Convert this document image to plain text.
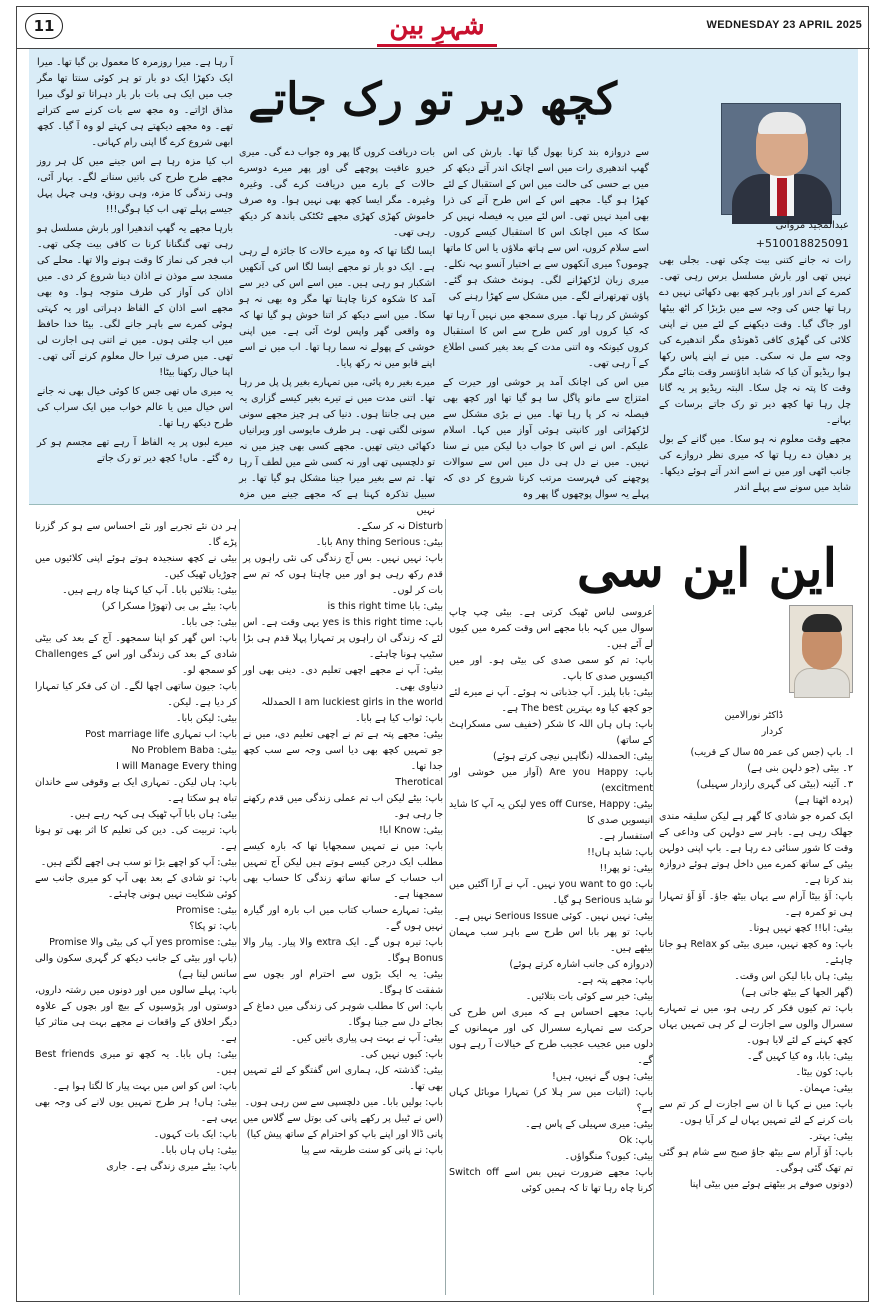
11	شہرِ بین	WEDNESDAY 23 APRIL 2025
کچھ دیر تو رک جاتے
عبدالمجید مروانی
+510018825091

رات نہ جانے کتنی بیت چکی تھی۔ بجلی بھی نہیں تھی اور بارش مسلسل برس رہی تھی۔ کمرے کے اندر اور باہر کچھ بھی دکھائی نہیں دے رہا تھا جس کی وجہ سے میں بڑبڑا کر اٹھ بیٹھا اور جاگ گیا۔ وقت دیکھنے کے لئے میں نے اپنی کلائی کی گھڑی کافی ڈھونڈی مگر اندھیرے کی وجہ سے مل نہ سکی۔ میں نے اپنے پاس رکھا ہوا ریڈیو آن کیا کہ شاید اناؤنسر وقت بتائے مگر وقت کا پتہ نہ چل سکا۔ البتہ ریڈیو پر یہ گانا چل رہا تھا کچھ دیر تو رک جاتے برسات کے بہانے۔

مجھے وقت معلوم نہ ہو سکا۔ میں گانے کے بول پر دھیان دے رہا تھا کہ میری نظر دروازے کی جانب اٹھی اور میں نے اسے اندر آتے ہوئے دیکھا۔ شاید میں سونے سے پہلے اندر

سے دروازہ بند کرنا بھول گیا تھا۔ بارش کی اس گھپ اندھیری رات میں اسے اچانک اندر آتے دیکھ کر میں بے حسی کی حالت میں اس کے استقبال کے لئے کھڑا ہو گیا۔ مجھے اس کے اس طرح آنے کی ذرا بھی امید نہیں تھی۔ اس لئے میں یہ فیصلہ نہیں کر سکا کہ میں اچانک اس کا استقبال کیسے کروں۔ اسے سلام کروں، اس سے ہاتھ ملاؤں یا اس کا ماتھا چوموں؟ میری آنکھوں سے بے اختیار آنسو بہہ نکلے۔ میری زبان لڑکھڑانے لگی۔ ہونٹ خشک ہو گئے۔ پاؤں تھرتھرانے لگے۔ میں مشکل سے کھڑا رہنے کی

کوشش کر رہا تھا۔ میری سمجھ میں نہیں آ رہا تھا کہ کیا کروں اور کس طرح سے اس کا استقبال کروں کیونکہ وہ اتنی مدت کے بعد بغیر کسی اطلاع کے آ رہی تھی۔

میں اس کی اچانک آمد پر خوشی اور حیرت کے امتزاج سے مانو پاگل سا ہو گیا تھا اور کچھ بھی فیصلہ نہ کر پا رہا تھا۔ میں نے بڑی مشکل سے لڑکھڑاتی اور کانپتی ہوئی آواز میں کہا۔ اسلام علیکم۔ اس نے اس کا جواب دیا لیکن میں نے سنا نہیں۔ میں نے دل ہی دل میں اس سے سوالات پوچھنے کی فہرست مرتب کرنا شروع کر دی کہ پہلے یہ سوال پوچھوں گا پھر وہ

بات دریافت کروں گا پھر وہ جواب دے گی۔ میری خیرو عافیت پوچھے گی اور پھر میرے دوسرے حالات کے بارے میں دریافت کرے گی۔ وغیرہ وغیرہ۔ مگر ایسا کچھ بھی نہیں ہوا۔ وہ صرف خاموش کھڑی کھڑی مجھے ٹکٹکی باندھ کر دیکھ رہی تھی۔

ایسا لگتا تھا کہ وہ میرے حالات کا جائزہ لے رہی ہے۔ ایک دو بار تو مجھے ایسا لگا اس کی آنکھیں اشکبار ہو رہی ہیں۔ میں اسے اس کی دیر سے آمد کا شکوہ کرنا چاہتا تھا مگر وہ بھی نہ ہو سکا۔ میں اسے دیکھ کر اتنا خوش ہو گیا تھا کہ وہ واقعی گھر واپس لوٹ آئی ہے۔ میں اپنی خوشی کے پھولے نہ سما رہا تھا۔ اب میں نے اسے اپنے قابو میں نہ رکھ پایا۔

میرے بغیر رہ پائی، میں تمہارے بغیر پل پل مر رہا تھا۔ اتنی مدت میں نے تیرے بغیر کیسے گزاری یہ میں ہی جانتا ہوں۔ دنیا کی ہر چیز مجھے سونی سونی لگتی تھی۔ ہر طرف مایوسی اور ویرانیاں دکھائی دیتی تھیں۔ مجھے کسی بھی چیز میں نہ تو دلچسپی تھی اور نہ کسی شے میں لطف آ رہا تھا۔ تم سے بغیر میرا جینا مشکل ہو گیا تھا۔ بر سبیل تذکرہ کہنا ہے کہ مجھے جینے میں مزہ نہیں

آ رہا ہے۔ میرا روزمرہ کا معمول بن گیا تھا۔ میرا ایک دکھڑا ایک دو بار تو ہر کوئی سنتا تھا مگر جب میں ایک ہی بات بار بار دہراتا تو لوگ میرا مذاق اڑاتے۔ وہ مجھ سے بات کرنے سے کتراتے تھے۔ وہ مجھے دیکھتے ہی کہتے لو وہ آ گیا۔ کچھ ابھی شروع کرے گا اپنی رام کہانی۔

اب کیا مزہ رہا ہے اس جینے میں کل ہر روز مجھے طرح طرح کی باتیں سنانے لگے۔ بہار آئی، وہی زندگی کا مزہ، وہی رونق، وہی چہل پہل جیسے پہلے تھی اب کیا ہوگی!!!

بارہا مجھے یہ گھپ اندھیرا اور بارش مسلسل ہو رہی تھی گنگنانا کرنا ت کافی بیت چکی تھی۔ اب فجر کی نماز کا وقت ہونے والا تھا۔ محلے کی مسجد سے موذن نے اذان دینا شروع کر دی۔ میں اذان کی آواز کی طرف متوجہ ہوا۔ وہ بھی مجھے اسے اذان کے الفاظ دہراتی اور یہ کہتی ہوئی کمرے سے باہر جانے لگی۔ بیٹا خدا حافظ میں اب چلتی ہوں۔ میں نے اتنی ہی اجازت لی تھی۔ میں صرف تیرا حال معلوم کرنے آئی تھی۔ اپنا خیال رکھنا بیٹا!

یہ میری ماں تھی جس کا کوئی خیال بھی نہ جانے اس خیال میں یا عالم خواب میں ایک سراب کی طرح دیکھ رہا تھا۔

میرے لبوں پر یہ الفاظ آ رہے تھے مجسم ہو کر رہ گئے۔ ماں! کچھ دیر تو رک جاتے

این این سی
ڈاکٹر نورالامین
کردار
ا۔ باپ (جس کی عمر ۵۵ سال کے قریب)
۲۔ بیٹی (جو دلہن بنی ہے)
۳۔ آئینہ (بیٹی کی گہری رازدار سہیلی)
(پردہ اٹھتا ہے)
ایک کمرہ جو شادی کا گھر ہے لیکن سلیقہ مندی جھلک رہی ہے۔ باہر سے دولہن کی وداعی کے وقت کا شور سنائی دے رہا ہے۔ باپ اپنی دولہن بیٹی کے ساتھ کمرے میں داخل ہوتے ہوئے دروازہ بند کرتا ہے۔
باپ: آؤ بیٹا آرام سے یہاں بیٹھ جاؤ۔ آؤ آؤ تمہارا ہی تو کمرہ ہے۔
بیٹی: ابا!! کچھ نہیں ہوتا۔
باپ: وہ کچھ نہیں، میری بیٹی کو Relax ہو جانا چاہئے۔
بیٹی: ہاں بابا لیکن اس وقت۔
(گھر الجھا کے بیٹھ جاتی ہے)
باپ: تم کیوں فکر کر رہی ہو، میں نے تمہارے سسرال والوں سے اجازت لے کر ہی تمہیں یہاں کچھ کہنے کے لئے لایا ہوں۔
بیٹی: بابا، وہ کیا کہیں گے۔
باپ: کون بیٹا۔
بیٹی: مہمان۔
باپ: میں نے کہا نا ان سے اجازت لے کر تم سے بات کرنے کے لئے تمہیں یہاں لے کر آیا ہوں۔
بیٹی: بہتر۔
باپ: آؤ آرام سے بیٹھ جاؤ صبح سے شام ہو گئی تم تھک گئی ہوگی۔
(دونوں صوفے پر بیٹھتے ہوئے میں بیٹی اپنا
عروسی لباس ٹھیک کرتی ہے۔ بیٹی چپ چاپ سوال میں کہہ بابا مجھے اس وقت کمرہ میں کیوں لے آئے ہیں۔
باپ: تم کو سمی صدی کی بیٹی ہو۔ اور میں اکیسویں صدی کا باپ۔
بیٹی: بابا پلیز۔ آپ جذباتی نہ ہوئے۔ آپ نے میرے لئے جو کچھ کیا وہ بہترین The best ہے۔
باپ: ہاں ہاں اللہ کا شکر (خفیف سی مسکراہٹ کے ساتھ)
بیٹی: الحمدللہ (نگاہیں نیچی کرتے ہوئے)
باپ: Are you Happy (آواز میں خوشی اور excitment)
بیٹی: yes off Curse, Happy لیکن یہ آپ کا شاید انیسویں صدی کا
استفسار ہے۔
باپ: شاید ہاں!!
بیٹی: تو پھر!!
باپ: you want to go نہیں۔ آپ نے آرا آگئیں میں تو شاید Serious ہو گیا۔
بیٹی: نہیں نہیں۔ کوئی Serious Issue نہیں ہے۔
باپ: تو پھر بابا اس طرح سے باہر سب مہمان بیٹھے ہیں۔
(دروازہ کی جانب اشارہ کرتے ہوئے)
باپ: مجھے پتہ ہے۔
بیٹی: خیر سے کوئی بات بتلائیں۔
باپ: مجھے احساس ہے کہ میری اس طرح کی حرکت سے تمہارے سسرال کی اور مہمانوں کے دلوں میں عجیب عجیب طرح کے خیالات آ رہے ہوں گے۔
بیٹی: ہوں گے نہیں، ہیں!
باپ: (اثبات میں سر ہلا کر) تمہارا موبائل کہاں ہے؟
بیٹی: میری سہیلی کے پاس ہے۔
باپ: Ok
بیٹی: کیوں؟ منگواؤں۔
باپ: مجھے ضرورت نہیں بس اسے Switch off کرنا چاہ رہا تھا تا کہ ہمیں کوئی
Disturb نہ کر سکے۔
بیٹی: Any thing Serious بابا۔
باپ: نہیں نہیں۔ بس آج زندگی کی نئی راہوں پر قدم رکھ رہی ہو اور میں چاہتا ہوں کہ تم سے بات کر لوں۔
بیٹی: بابا is this right time
باپ: yes is this right time یہی وقت ہے۔ اس لئے کہ زندگی ان راہوں پر تمہارا پہلا قدم ہی بڑا سٹیپ ہونا چاہئے۔
بیٹی: آپ نے مجھے اچھی تعلیم دی۔ دینی بھی اور دنیاوی بھی۔
I am luckiest girls in the world الحمدللہ
باپ: ثواب کیا ہے بابا۔
بیٹی: مجھے پتہ ہے تم نے اچھی تعلیم دی، میں نے جو تمہیں کچھ بھی دیا اسی وجہ سے سب کچھ جدا تھا۔
Therotical
باپ: بیٹے لیکن اب تم عملی زندگی میں قدم رکھنے جا رہی ہو۔
بیٹی: Know ابا!
باپ: میں نے تمہیں سمجھایا تھا کہ بارہ کیسے مطلب ایک درجن کیسے ہوتے ہیں لیکن آج تمہیں اب حساب کے ساتھ ساتھ زندگی کا حساب بھی سمجھنا ہے۔
بیٹی: تمہارے حساب کتاب میں اب بارہ اور گیارہ نہیں ہوں گے۔
باپ: تیرہ ہوں گے۔ ایک extra والا پیار۔ پیار والا Bonus ہوگا۔
بیٹی: یہ ایک بڑوں سے احترام اور بچوں سے شفقت کا ہوگا۔
باپ: اس کا مطلب شوہر کی زندگی میں دماغ کے بجائے دل سے جینا ہوگا۔
بیٹی: آپ نے بہت ہی پیاری باتیں کیں۔
باپ: کیوں نہیں کی۔
بیٹی: گذشتہ کل، ہماری اس گفتگو کے لئے تمہیں بھی تھا۔
باپ: بولیں بابا۔ میں دلچسپی سے سن رہی ہوں۔
(اس نے ٹیبل پر رکھے پانی کی بوتل سے گلاس میں پانی ڈالا اور اپنے باپ کو احترام کے ساتھ پیش کیا)
باپ: نے پانی کو سنت طریقہ سے پیا
ہر دن نئے تجربے اور نئے احساس سے ہو کر گزرنا پڑے گا۔
بیٹی نے کچھ سنجیدہ ہوتے ہوئے اپنی کلائیوں میں چوڑیاں ٹھیک کیں۔
بیٹی: بتلائیں بابا۔ آپ کیا کہنا چاہ رہے ہیں۔
باپ: بیٹے بی بی (تھوڑا مسکرا کر)
بیٹی: جی بابا۔
باپ: اس گھر کو اپنا سمجھو۔ آج کے بعد کی بیٹی شادی کے بعد کی زندگی اور اس کے Challenges کو سمجھ لو۔
باپ: جیون ساتھی اچھا لگے۔ ان کی فکر کیا تمہارا کر دیا ہے۔ لیکن۔
بیٹی: لیکن بابا۔
باپ: اب تمہاری Post marriage life
بیٹی: No Problem Baba
I will Manage Every thing
باپ: ہاں لیکن۔ تمہاری ایک بے وقوفی سے خاندان تباہ ہو سکتا ہے۔
بیٹی: ہاں بابا آپ ٹھیک ہی کہہ رہے ہیں۔
باپ: تربیت کی۔ دین کی تعلیم کا اثر بھی تو ہونا ہے۔
بیٹی: آپ کو اچھے بڑا تو سب ہی اچھے لگتے ہیں۔
باپ: تو شادی کے بعد بھی آپ کو میری جانب سے کوئی شکایت نہیں ہونی چاہئے۔
بیٹی: Promise
باپ: تو پکا؟
بیٹی: yes promise آپ کی بیٹی والا Promise
(باپ اور بیٹی کے جانب دیکھ کر گہری سکون والی سانس لیتا ہے)
باپ: پہلے سالوں میں اور دونوں میں رشتہ داروں، دوستوں اور پڑوسیوں کے بیچ اور بچوں کے علاوہ دیگر اخلاق کے واقعات نے مجھے بہت ہی متاثر کیا ہے۔
بیٹی: ہاں بابا۔ یہ کچھ تو میری Best friends ہیں۔
باپ: اس کو اس میں بہت پیار کا لگتا ہوا ہے۔
بیٹی: ہاں! ہر طرح تمہیں یوں لانے کی وجہ بھی یہی ہے۔
باپ: ایک بات کہوں۔
بیٹی: ہاں ہاں بابا۔
باپ: بیٹے میری زندگی ہے۔ جاری
